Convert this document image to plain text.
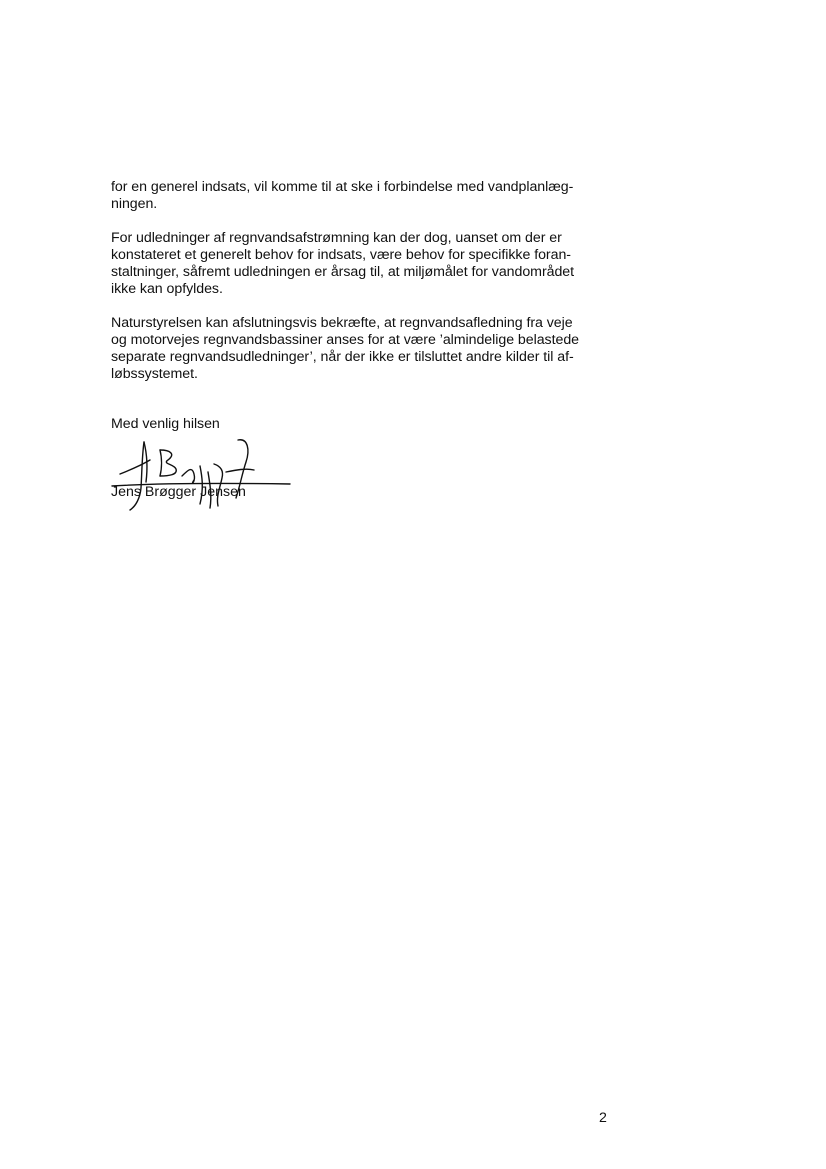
for en generel indsats, vil komme til at ske i forbindelse med vandplanlæg-
ningen.
For udledninger af regnvandsafstrømning kan der dog, uanset om der er
konstateret et generelt behov for indsats, være behov for specifikke foran-
staltninger, såfremt udledningen er årsag til, at miljømålet for vandområdet
ikke kan opfyldes.
Naturstyrelsen kan afslutningsvis bekræfte, at regnvandsafledning fra veje
og motorvejes regnvandsbassiner anses for at være ’almindelige belastede
separate regnvandsudledninger’, når der ikke er tilsluttet andre kilder til af-
løbssystemet.
Med venlig hilsen
Jens Brøgger Jensen
2
